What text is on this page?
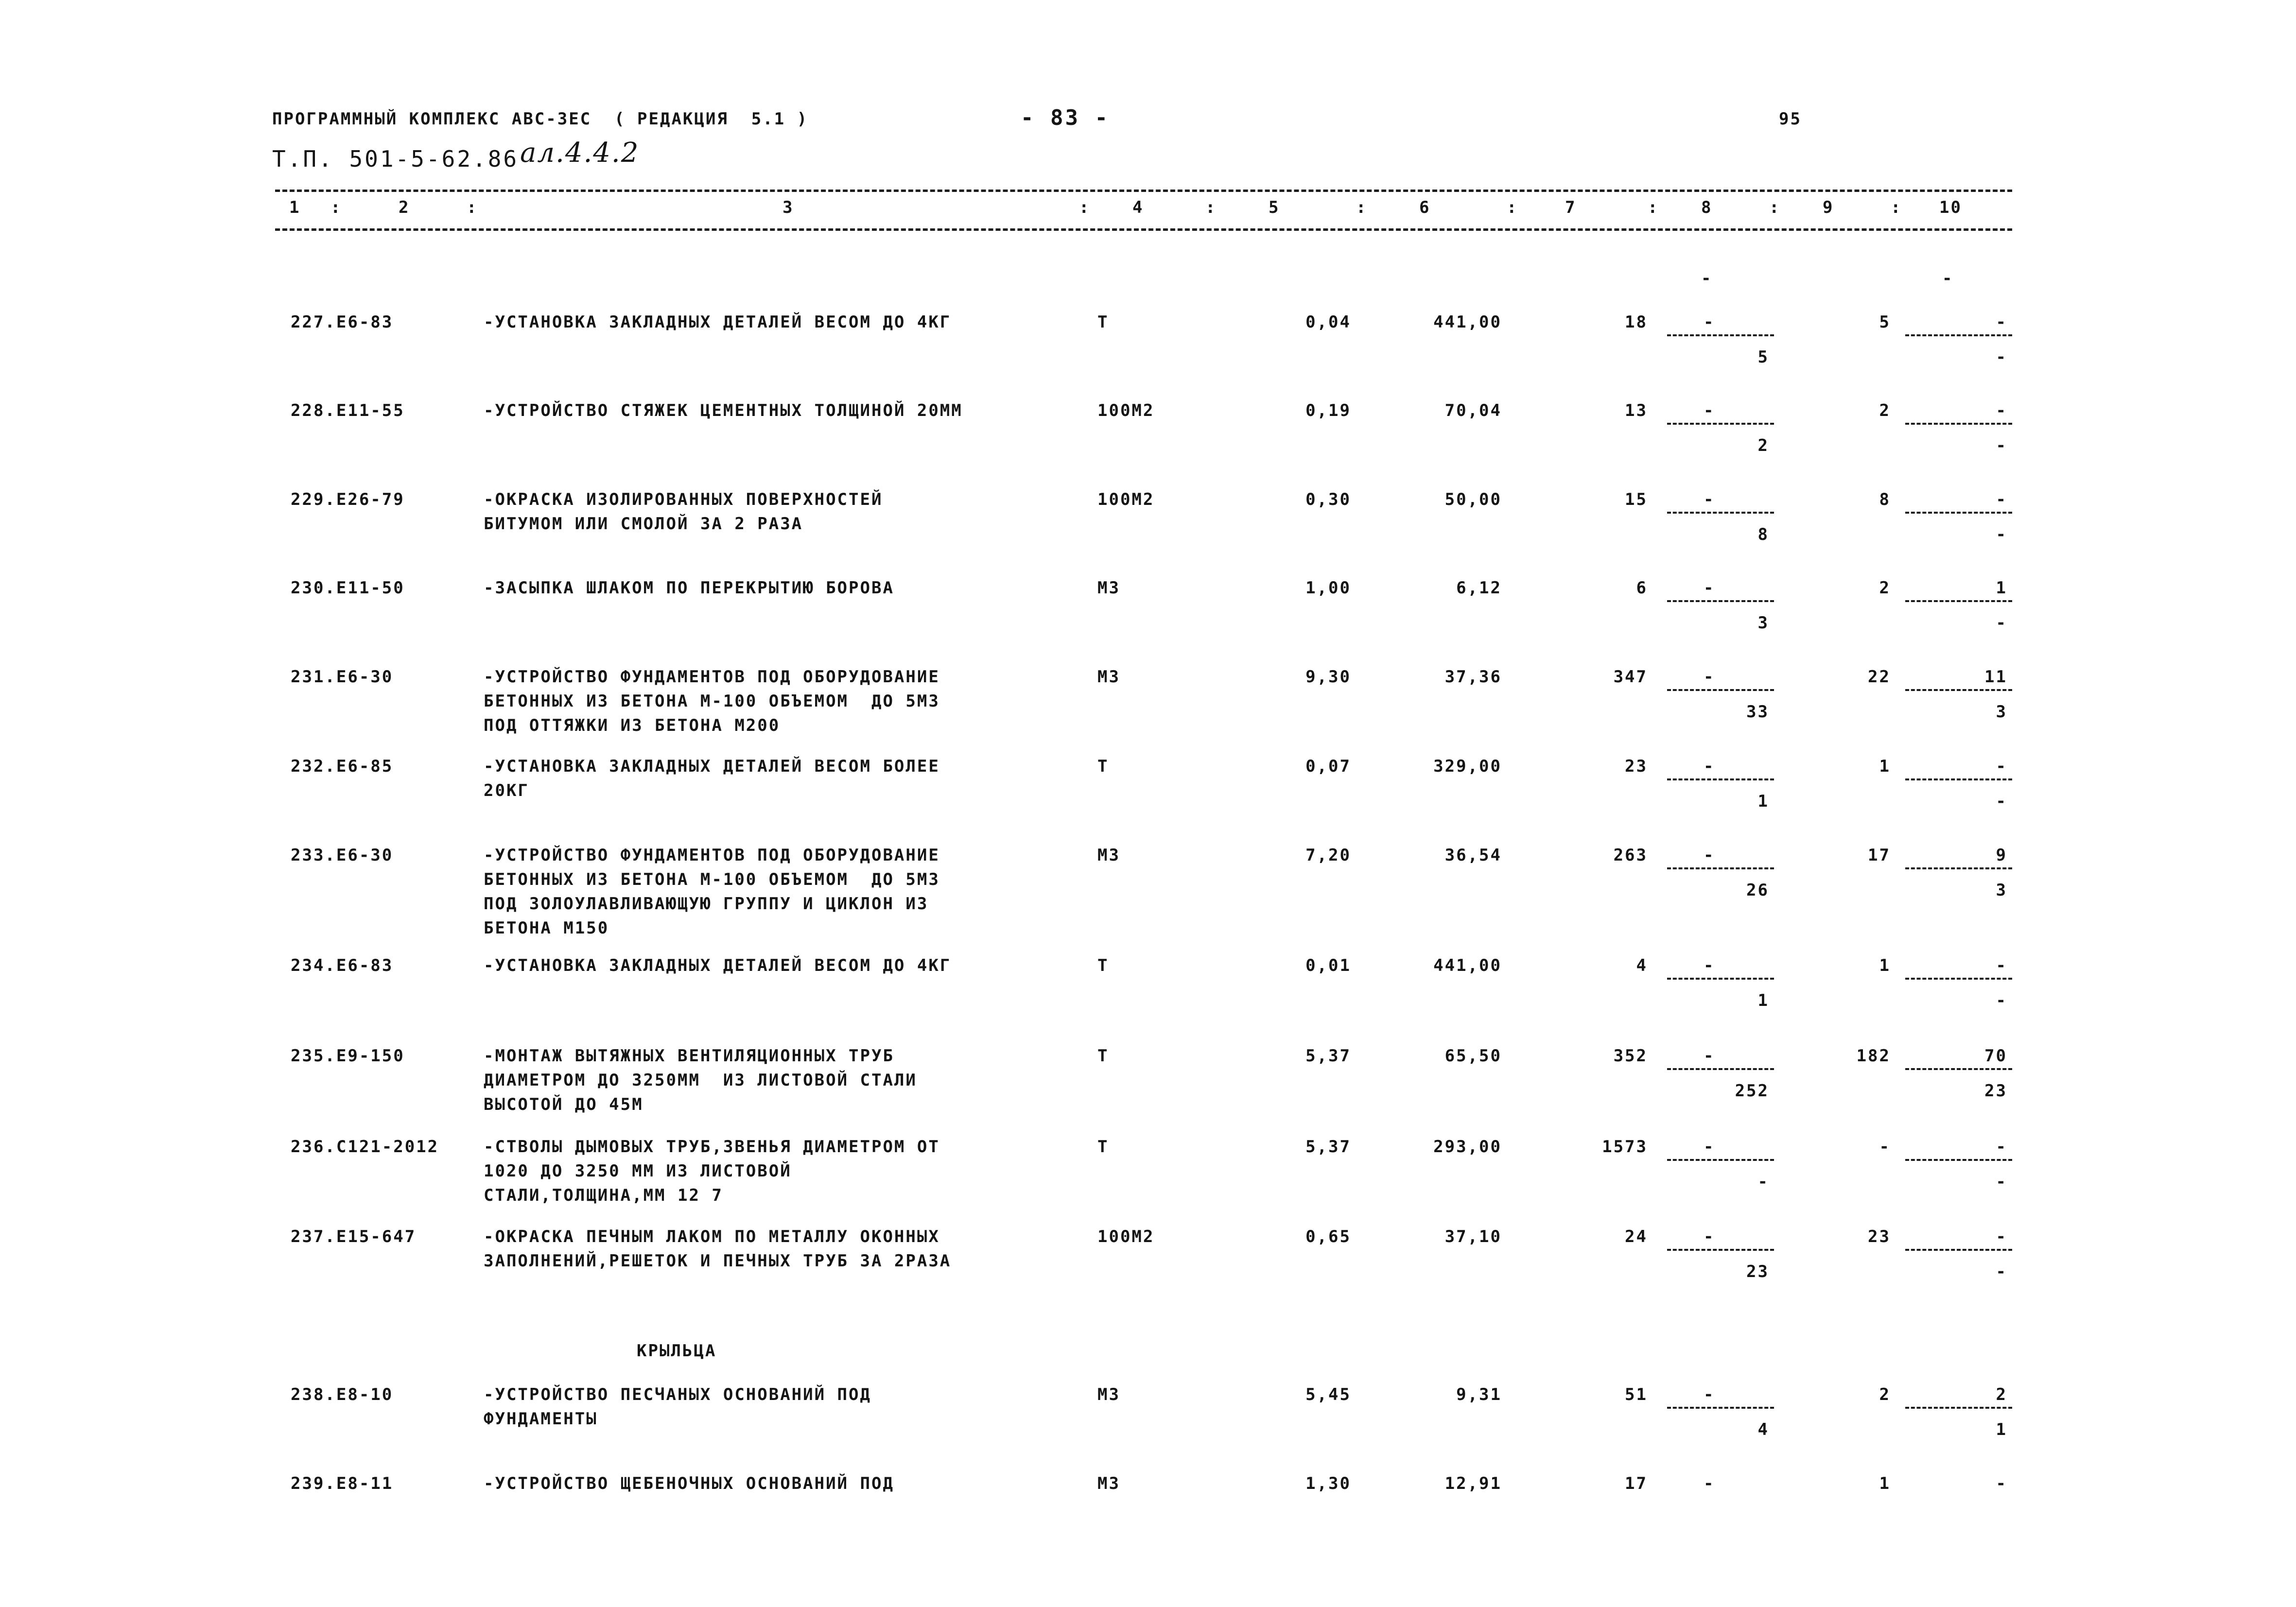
ПРОГРАММНЫЙ КОМПЛЕКС АВС-3ЕС  ( РЕДАКЦИЯ  5.1 )	- 83 -	95
Т.П. 501-5-62.86 ал.4.4.2
1 :	2	:	3	:	4	:	5	:	6	:	7	:	8	:	9	: 10
-	-
227.Е6-83	-УСТАНОВКА ЗАКЛАДНЫХ ДЕТАЛЕЙ ВЕСОМ ДО 4КГ	Т	0,04	441,00	18	-	5	-
5	-
228.Е11-55	-УСТРОЙСТВО СТЯЖЕК ЦЕМЕНТНЫХ ТОЛЩИНОЙ 20ММ	100М2	0,19	70,04	13	-	2	-
2	-
229.Е26-79	-ОКРАСКА ИЗОЛИРОВАННЫХ ПОВЕРХНОСТЕЙ
БИТУМОМ ИЛИ СМОЛОЙ ЗА 2 РАЗА
100М2	0,30	50,00	15	-	8	-
8	-
230.Е11-50	-ЗАСЫПКА ШЛАКОМ ПО ПЕРЕКРЫТИЮ БОРОВА	М3	1,00	6,12	6	-	2	1
3	-
231.Е6-30	-УСТРОЙСТВО ФУНДАМЕНТОВ ПОД ОБОРУДОВАНИЕ
БЕТОННЫХ ИЗ БЕТОНА М-100 ОБЪЕМОМ  ДО 5М3
ПОД ОТТЯЖКИ ИЗ БЕТОНА М200
М3	9,30	37,36	347	-	22	11
33	3
232.Е6-85	-УСТАНОВКА ЗАКЛАДНЫХ ДЕТАЛЕЙ ВЕСОМ БОЛЕЕ
20КГ
Т	0,07	329,00	23	-	1	-
1	-
233.Е6-30	-УСТРОЙСТВО ФУНДАМЕНТОВ ПОД ОБОРУДОВАНИЕ
БЕТОННЫХ ИЗ БЕТОНА М-100 ОБЪЕМОМ  ДО 5М3
ПОД ЗОЛОУЛАВЛИВАЮЩУЮ ГРУППУ И ЦИКЛОН ИЗ
БЕТОНА М150
М3	7,20	36,54	263	-	17	9
26	3
234.Е6-83	-УСТАНОВКА ЗАКЛАДНЫХ ДЕТАЛЕЙ ВЕСОМ ДО 4КГ	Т	0,01	441,00	4	-	1	-
1	-
235.Е9-150	-МОНТАЖ ВЫТЯЖНЫХ ВЕНТИЛЯЦИОННЫХ ТРУБ
ДИАМЕТРОМ ДО 3250ММ  ИЗ ЛИСТОВОЙ СТАЛИ
ВЫСОТОЙ ДО 45М
Т	5,37	65,50	352	-	182	70
252	23
236.С121-2012	-СТВОЛЫ ДЫМОВЫХ ТРУБ,ЗВЕНЬЯ ДИАМЕТРОМ ОТ
1020 ДО 3250 ММ ИЗ ЛИСТОВОЙ
СТАЛИ,ТОЛЩИНА,ММ 12 7
Т	5,37	293,00	1573	-	-	-
-	-
237.Е15-647	-ОКРАСКА ПЕЧНЫМ ЛАКОМ ПО МЕТАЛЛУ ОКОННЫХ
ЗАПОЛНЕНИЙ,РЕШЕТОК И ПЕЧНЫХ ТРУБ ЗА 2РАЗА
100М2	0,65	37,10	24	-	23	-
23	-
КРЫЛЬЦА
238.Е8-10	-УСТРОЙСТВО ПЕСЧАНЫХ ОСНОВАНИЙ ПОД
ФУНДАМЕНТЫ
М3	5,45	9,31	51	-	2	2
4	1
239.Е8-11	-УСТРОЙСТВО ЩЕБЕНОЧНЫХ ОСНОВАНИЙ ПОД	М3	1,30	12,91	17	-	1	-
